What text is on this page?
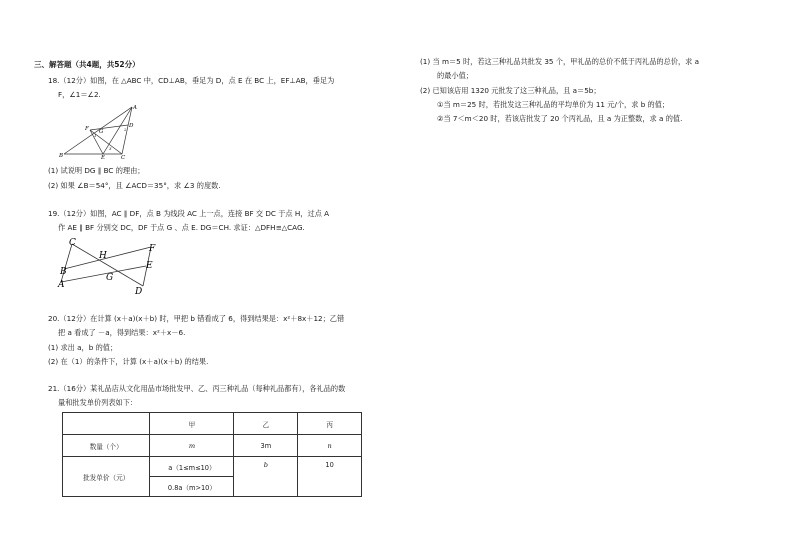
三、解答题（共4题，共52分）
18.（12分）如图，在 △ABC 中，CD⊥AB，垂足为 D，点 E 在 BC 上，EF⊥AB，垂足为
F，∠1＝∠2.
B
A
C
D
E
F G
1
2
3
(1) 试说明 DG ∥ BC 的理由；
(2) 如果 ∠B＝54°，且 ∠ACD＝35°，求 ∠3 的度数.
19.（12分）如图，AC ∥ DF，点 B 为线段 AC 上一点，连接 BF 交 DC 于点 H，过点 A
作 AE ∥ BF 分别交 DC，DF 于点 G 、点 E. DG＝CH. 求证：△DFH≌△CAG.
C
F
H
E
B
G
A
D
20.（12分）在计算 (x＋a)(x＋b) 时，甲把 b 错看成了 6，得到结果是：x²＋8x＋12；乙错
把 a 看成了 －a，得到结果：x²＋x－6.
(1) 求出 a，b 的值；
(2) 在（1）的条件下，计算 (x＋a)(x＋b) 的结果.
21.（16分）某礼品店从文化用品市场批发甲、乙、丙三种礼品（每种礼品都有），各礼品的数
量和批发单价列表如下：
	甲	乙	丙
数量（个）	m	3m	n
批发单价（元）	a（1≤m≤10）	b	10
	0.8a（m>10）		
(1) 当 m＝5 时，若这三种礼品共批发 35 个，甲礼品的总价不低于丙礼品的总价，求 a
的最小值；
(2) 已知该店用 1320 元批发了这三种礼品，且 a＝5b；
①当 m＝25 时，若批发这三种礼品的平均单价为 11 元/个，求 b 的值；
②当 7＜m＜20 时，若该店批发了 20 个丙礼品，且 a 为正整数，求 a 的值.
